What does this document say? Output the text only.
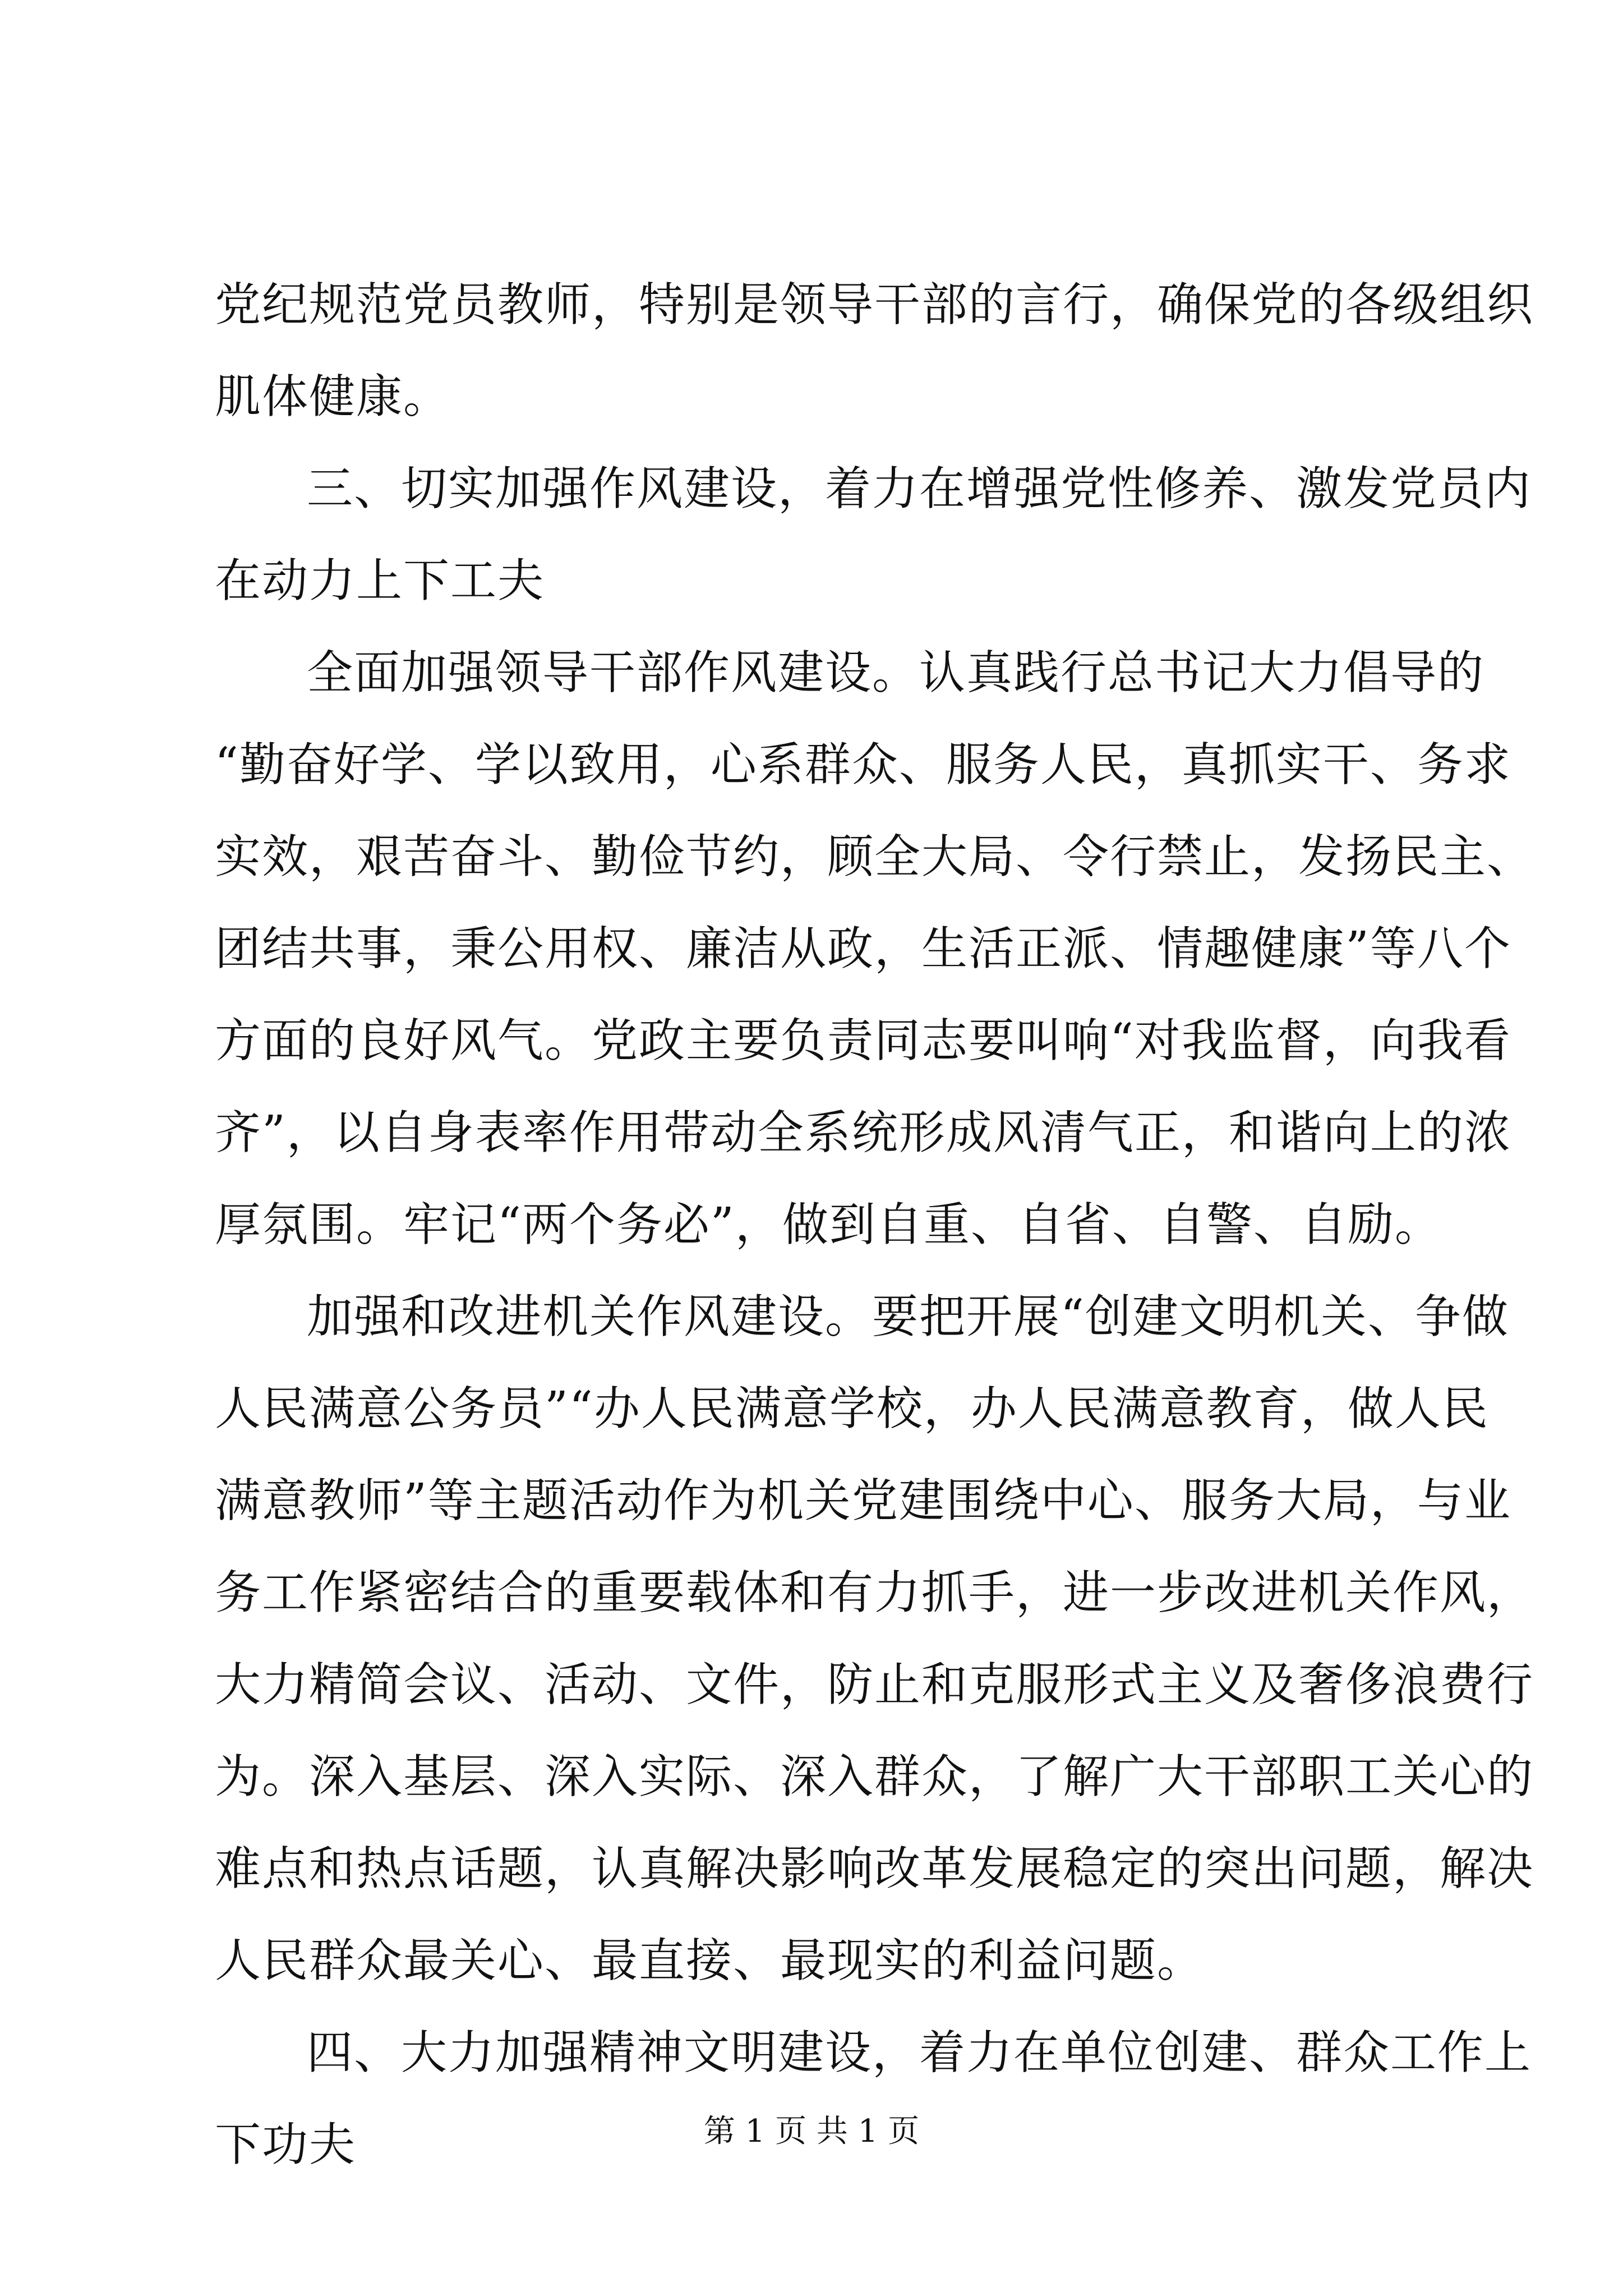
党纪规范党员教师，特别是领导干部的言行，确保党的各级组织
肌体健康。
三、切实加强作风建设，着力在增强党性修养、激发党员内
在动力上下工夫
全面加强领导干部作风建设。认真践行总书记大力倡导的
“勤奋好学、学以致用，心系群众、服务人民，真抓实干、务求
实效，艰苦奋斗、勤俭节约，顾全大局、令行禁止，发扬民主、
团结共事，秉公用权、廉洁从政，生活正派、情趣健康”等八个
方面的良好风气。党政主要负责同志要叫响“对我监督，向我看
齐”，以自身表率作用带动全系统形成风清气正，和谐向上的浓
厚氛围。牢记“两个务必”，做到自重、自省、自警、自励。
加强和改进机关作风建设。要把开展“创建文明机关、争做
人民满意公务员”“办人民满意学校，办人民满意教育，做人民
满意教师”等主题活动作为机关党建围绕中心、服务大局，与业
务工作紧密结合的重要载体和有力抓手，进一步改进机关作风，
大力精简会议、活动、文件，防止和克服形式主义及奢侈浪费行
为。深入基层、深入实际、深入群众，了解广大干部职工关心的
难点和热点话题，认真解决影响改革发展稳定的突出问题，解决
人民群众最关心、最直接、最现实的利益问题。
四、大力加强精神文明建设，着力在单位创建、群众工作上
下功夫	第 1 页 共 1 页
